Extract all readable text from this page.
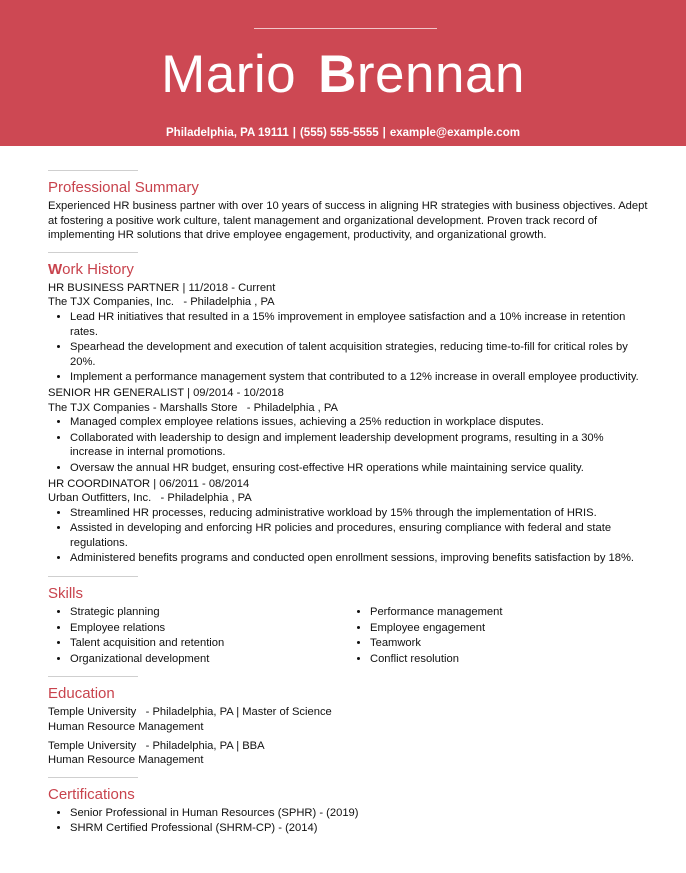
Mario Brennan
Philadelphia, PA 19111 | (555) 555-5555 | example@example.com
Professional Summary

Experienced HR business partner with over 10 years of success in aligning HR strategies with business objectives. Adept at fostering a positive work culture, talent management and organizational development. Proven track record of implementing HR solutions that drive employee engagement, productivity, and organizational growth.

Work History
HR BUSINESS PARTNER | 11/2018 - Current
The TJX Companies, Inc. - Philadelphia , PA
• Lead HR initiatives that resulted in a 15% improvement in employee satisfaction and a 10% increase in retention rates.
• Spearhead the development and execution of talent acquisition strategies, reducing time-to-fill for critical roles by 20%.
• Implement a performance management system that contributed to a 12% increase in overall employee productivity.
SENIOR HR GENERALIST | 09/2014 - 10/2018
The TJX Companies - Marshalls Store - Philadelphia , PA
• Managed complex employee relations issues, achieving a 25% reduction in workplace disputes.
• Collaborated with leadership to design and implement leadership development programs, resulting in a 30% increase in internal promotions.
• Oversaw the annual HR budget, ensuring cost-effective HR operations while maintaining service quality.
HR COORDINATOR | 06/2011 - 08/2014
Urban Outfitters, Inc. - Philadelphia , PA
• Streamlined HR processes, reducing administrative workload by 15% through the implementation of HRIS.
• Assisted in developing and enforcing HR policies and procedures, ensuring compliance with federal and state regulations.
• Administered benefits programs and conducted open enrollment sessions, improving benefits satisfaction by 18%.
Skills
• Strategic planning
• Employee relations
• Talent acquisition and retention
• Organizational development
• Performance management
• Employee engagement
• Teamwork
• Conflict resolution
Education
Temple University - Philadelphia, PA | Master of Science
Human Resource Management
Temple University - Philadelphia, PA | BBA
Human Resource Management
Certifications
• Senior Professional in Human Resources (SPHR) - (2019)
• SHRM Certified Professional (SHRM-CP) - (2014)
